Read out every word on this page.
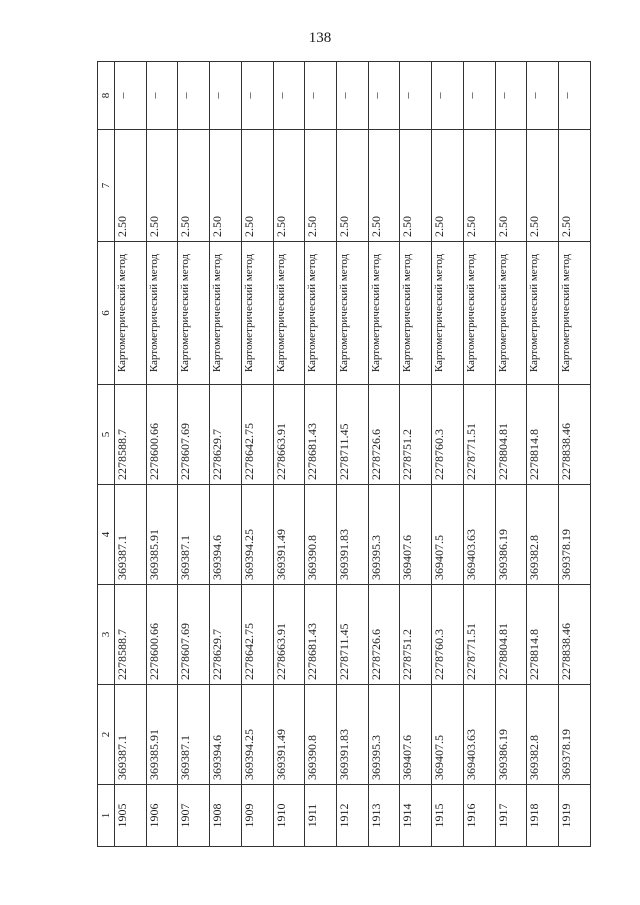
138
1	2	3	4	5	6	7	8
1905	369387.1	2278588.7	369387.1	2278588.7	Картометрический метод	2.50	–
1906	369385.91	2278600.66	369385.91	2278600.66	Картометрический метод	2.50	–
1907	369387.1	2278607.69	369387.1	2278607.69	Картометрический метод	2.50	–
1908	369394.6	2278629.7	369394.6	2278629.7	Картометрический метод	2.50	–
1909	369394.25	2278642.75	369394.25	2278642.75	Картометрический метод	2.50	–
1910	369391.49	2278663.91	369391.49	2278663.91	Картометрический метод	2.50	–
1911	369390.8	2278681.43	369390.8	2278681.43	Картометрический метод	2.50	–
1912	369391.83	2278711.45	369391.83	2278711.45	Картометрический метод	2.50	–
1913	369395.3	2278726.6	369395.3	2278726.6	Картометрический метод	2.50	–
1914	369407.6	2278751.2	369407.6	2278751.2	Картометрический метод	2.50	–
1915	369407.5	2278760.3	369407.5	2278760.3	Картометрический метод	2.50	–
1916	369403.63	2278771.51	369403.63	2278771.51	Картометрический метод	2.50	–
1917	369386.19	2278804.81	369386.19	2278804.81	Картометрический метод	2.50	–
1918	369382.8	2278814.8	369382.8	2278814.8	Картометрический метод	2.50	–
1919	369378.19	2278838.46	369378.19	2278838.46	Картометрический метод	2.50	–
